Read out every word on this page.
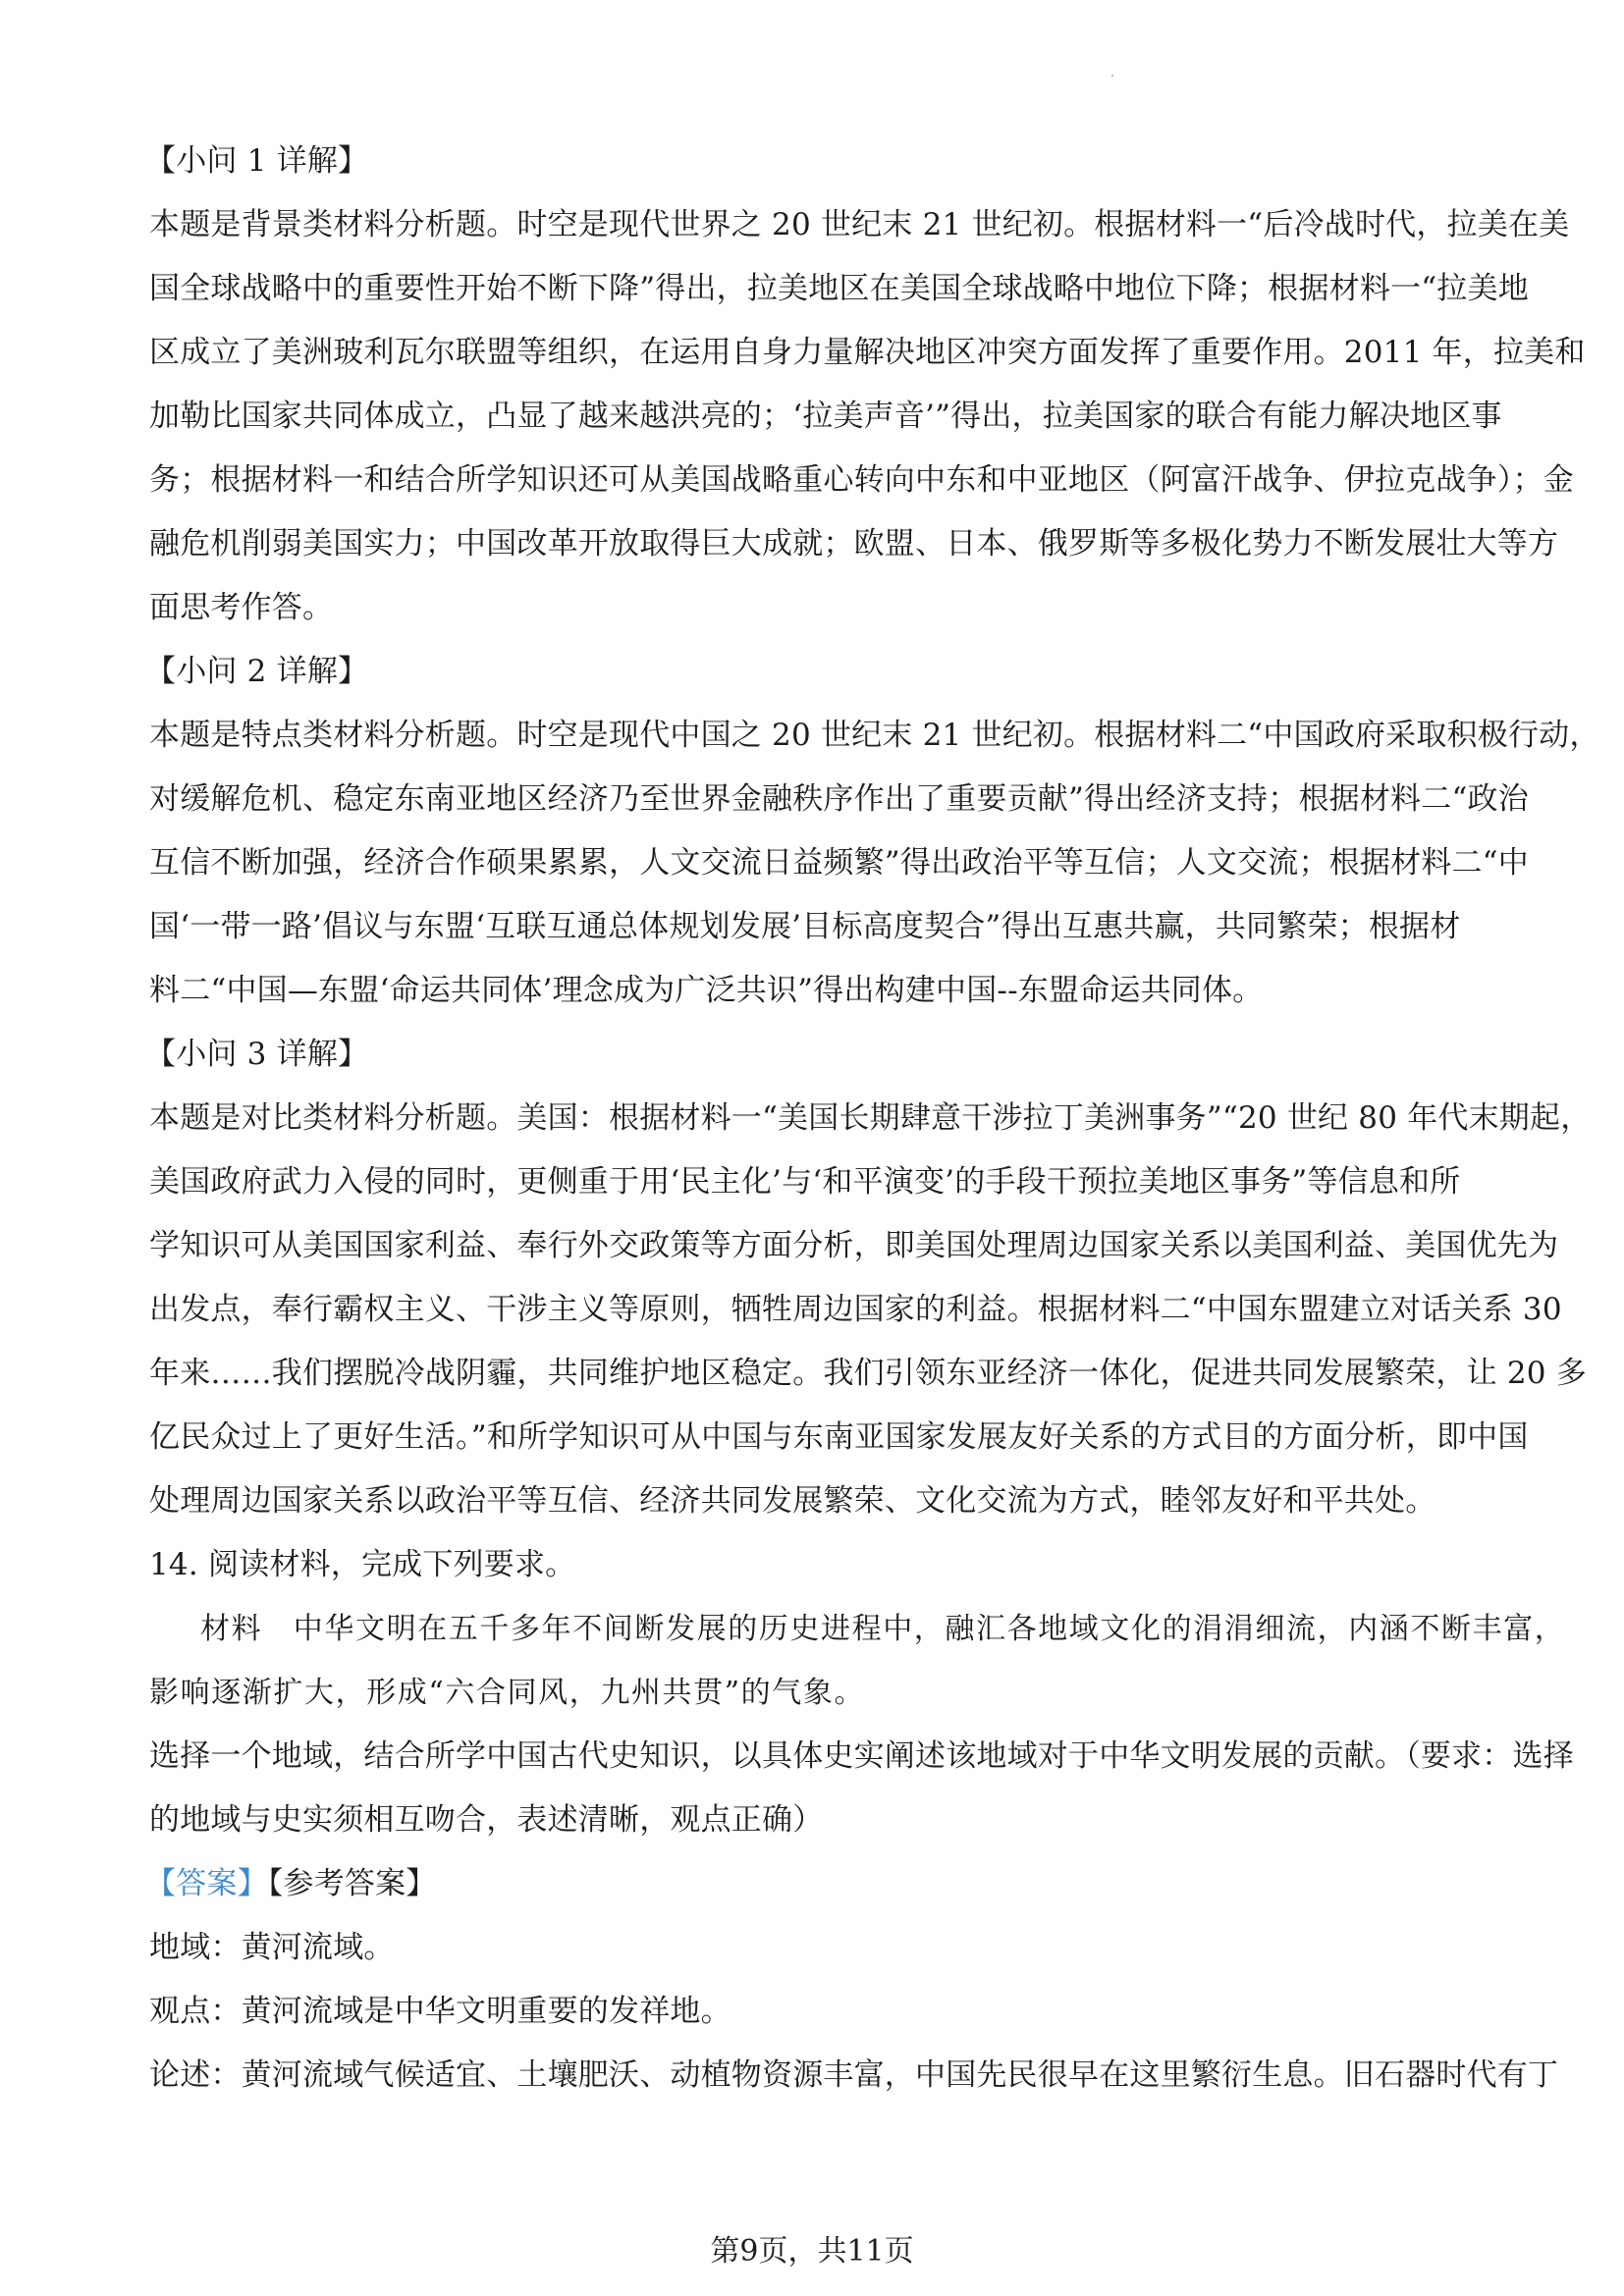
【小问 1 详解】
本题是背景类材料分析题。时空是现代世界之 20 世纪末 21 世纪初。根据材料一“后冷战时代，拉美在美
国全球战略中的重要性开始不断下降”得出，拉美地区在美国全球战略中地位下降；根据材料一“拉美地
区成立了美洲玻利瓦尔联盟等组织，在运用自身力量解决地区冲突方面发挥了重要作用。2011 年，拉美和
加勒比国家共同体成立，凸显了越来越洪亮的；‘拉美声音’”得出，拉美国家的联合有能力解决地区事
务；根据材料一和结合所学知识还可从美国战略重心转向中东和中亚地区（阿富汗战争、伊拉克战争）；金
融危机削弱美国实力；中国改革开放取得巨大成就；欧盟、日本、俄罗斯等多极化势力不断发展壮大等方
面思考作答。
【小问 2 详解】
本题是特点类材料分析题。时空是现代中国之 20 世纪末 21 世纪初。根据材料二“中国政府采取积极行动，
对缓解危机、稳定东南亚地区经济乃至世界金融秩序作出了重要贡献”得出经济支持；根据材料二“政治
互信不断加强，经济合作硕果累累，人文交流日益频繁”得出政治平等互信；人文交流；根据材料二“中
国‘一带一路’倡议与东盟‘互联互通总体规划发展’目标高度契合”得出互惠共赢，共同繁荣；根据材
料二“中国—东盟‘命运共同体’理念成为广泛共识”得出构建中国--东盟命运共同体。
【小问 3 详解】
本题是对比类材料分析题。美国：根据材料一“美国长期肆意干涉拉丁美洲事务”“20 世纪 80 年代末期起，
美国政府武力入侵的同时，更侧重于用‘民主化’与‘和平演变’的手段干预拉美地区事务”等信息和所
学知识可从美国国家利益、奉行外交政策等方面分析，即美国处理周边国家关系以美国利益、美国优先为
出发点，奉行霸权主义、干涉主义等原则，牺牲周边国家的利益。根据材料二“中国东盟建立对话关系 30
年来……我们摆脱冷战阴霾，共同维护地区稳定。我们引领东亚经济一体化，促进共同发展繁荣，让 20 多
亿民众过上了更好生活。”和所学知识可从中国与东南亚国家发展友好关系的方式目的方面分析，即中国
处理周边国家关系以政治平等互信、经济共同发展繁荣、文化交流为方式，睦邻友好和平共处。
14. 阅读材料，完成下列要求。
材料　中华文明在五千多年不间断发展的历史进程中，融汇各地域文化的涓涓细流，内涵不断丰富，
影响逐渐扩大，形成“六合同风，九州共贯”的气象。
选择一个地域，结合所学中国古代史知识，以具体史实阐述该地域对于中华文明发展的贡献。（要求：选择
的地域与史实须相互吻合，表述清晰，观点正确）
【答案】【参考答案】
地域：黄河流域。
观点：黄河流域是中华文明重要的发祥地。
论述：黄河流域气候适宜、土壤肥沃、动植物资源丰富，中国先民很早在这里繁衍生息。旧石器时代有丁
第9页，共11页
